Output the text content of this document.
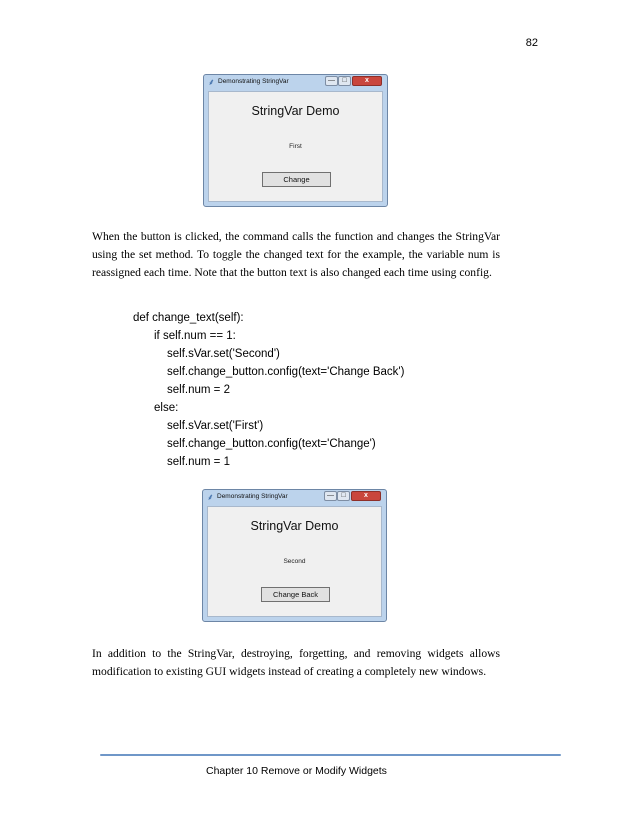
82
⸙ Demonstrating StringVar	—	□	x
StringVar Demo
First
Change
When the button is clicked, the command calls the function and changes the StringVar using the set method. To toggle the changed text for the example, the variable num is reassigned each time. Note that the button text is also changed each time using config.
def change_text(self):
if self.num == 1:
self.sVar.set('Second')
self.change_button.config(text='Change Back')
self.num = 2
else:
self.sVar.set('First')
self.change_button.config(text='Change')
self.num = 1
⸙ Demonstrating StringVar	—	□	x
StringVar Demo
Second
Change Back
In addition to the StringVar, destroying, forgetting, and removing widgets allows modification to existing GUI widgets instead of creating a completely new windows.
Chapter 10 Remove or Modify Widgets
